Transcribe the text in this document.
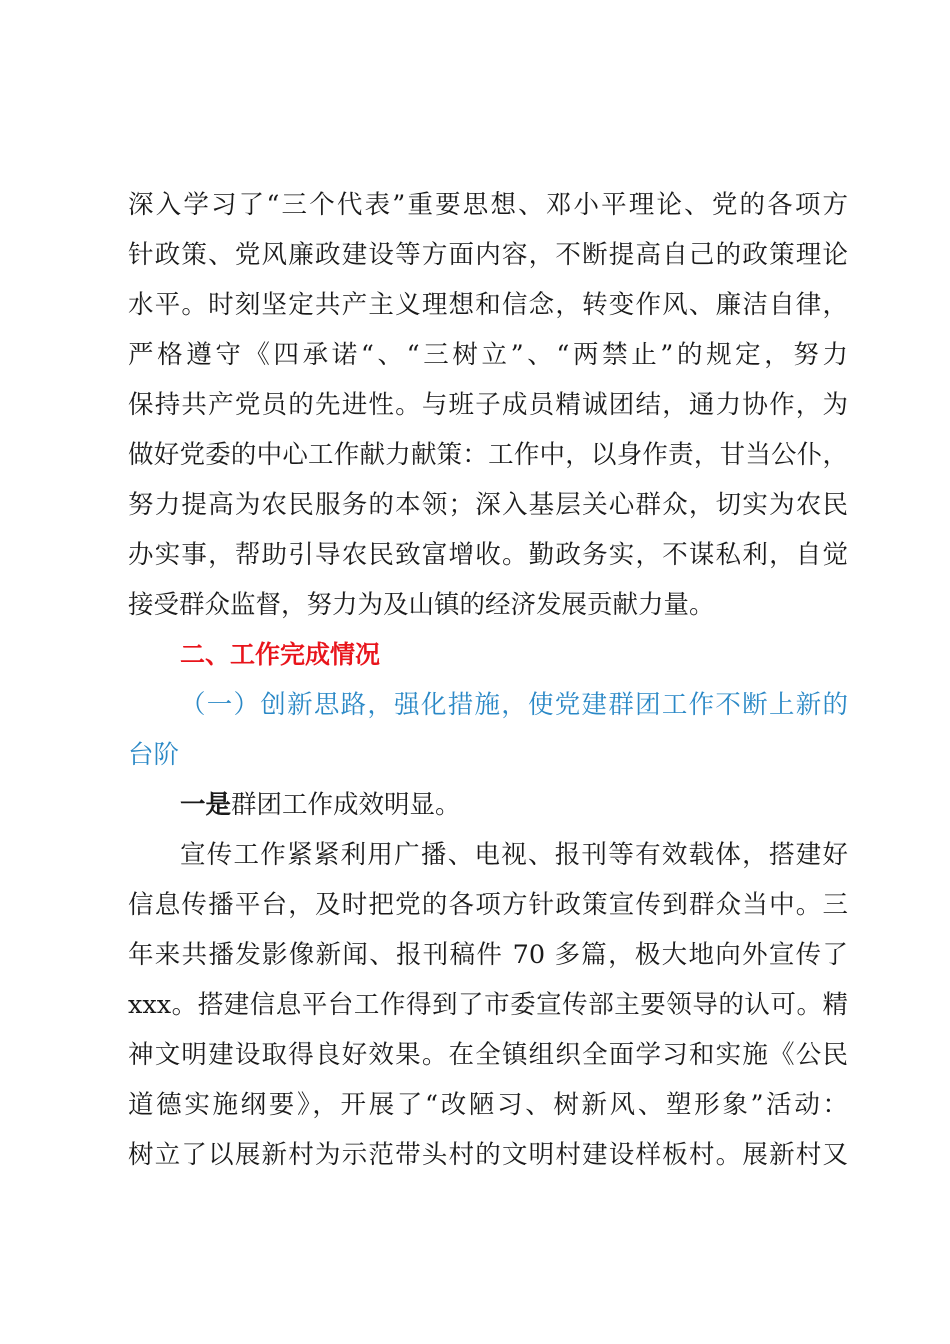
深入学习了“三个代表”重要思想、邓小平理论、党的各项方
针政策、党风廉政建设等方面内容，不断提高自己的政策理论
水平。时刻坚定共产主义理想和信念，转变作风、廉洁自律，
严格遵守《四承诺“、“三树立”、“两禁止”的规定，努力
保持共产党员的先进性。与班子成员精诚团结，通力协作，为
做好党委的中心工作献力献策：工作中，以身作责，甘当公仆，
努力提高为农民服务的本领；深入基层关心群众，切实为农民
办实事，帮助引导农民致富增收。勤政务实，不谋私利，自觉
接受群众监督，努力为及山镇的经济发展贡献力量。
二、工作完成情况
（一）创新思路，强化措施，使党建群团工作不断上新的
台阶
一是群团工作成效明显。
宣传工作紧紧利用广播、电视、报刊等有效载体，搭建好
信息传播平台，及时把党的各项方针政策宣传到群众当中。三
年来共播发影像新闻、报刊稿件 70 多篇，极大地向外宣传了
xxx。搭建信息平台工作得到了市委宣传部主要领导的认可。精
神文明建设取得良好效果。在全镇组织全面学习和实施《公民
道德实施纲要》，开展了“改陋习、树新风、塑形象”活动：
树立了以展新村为示范带头村的文明村建设样板村。展新村又
